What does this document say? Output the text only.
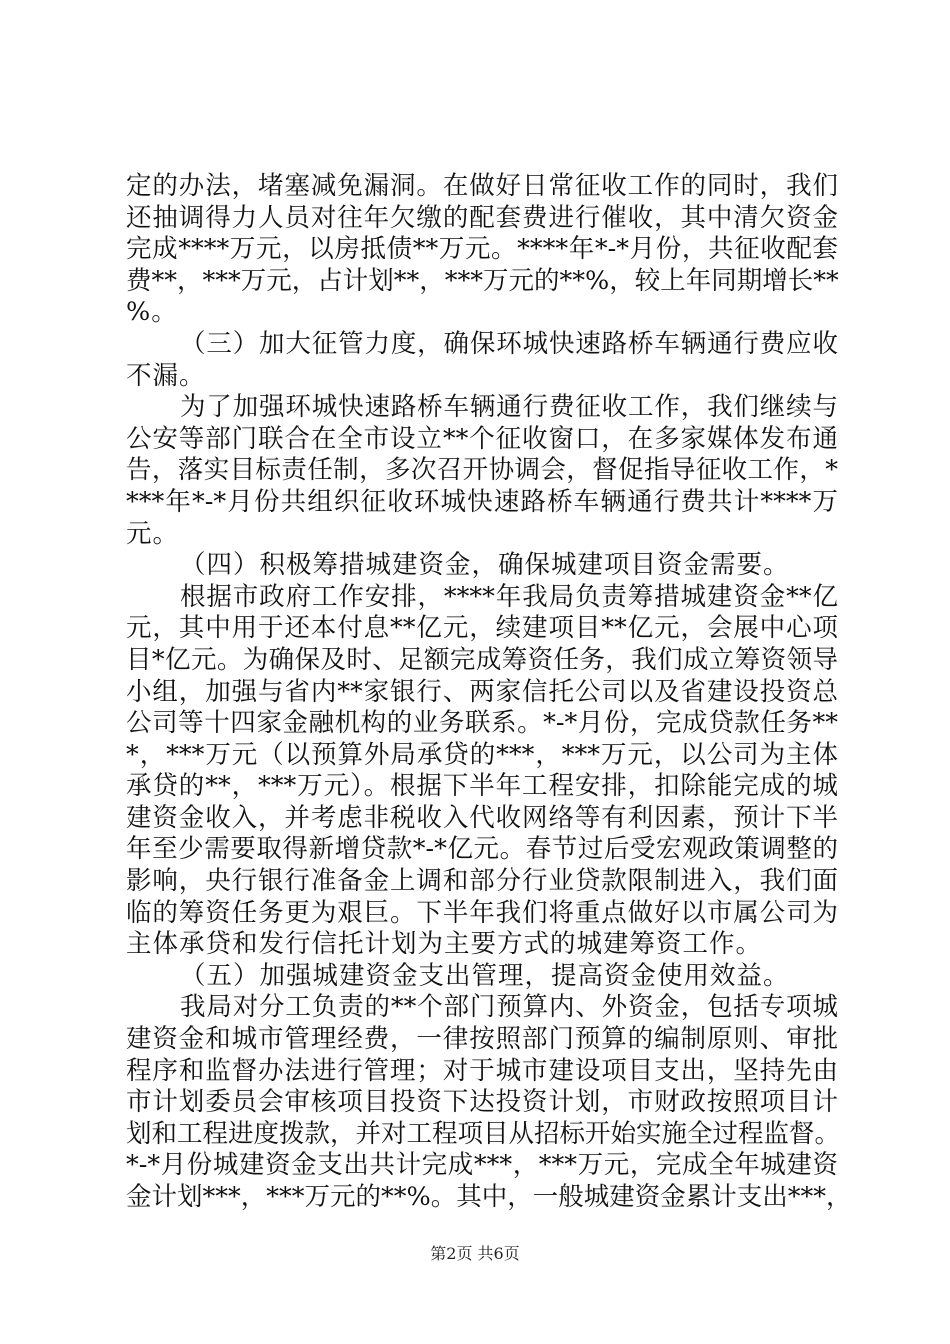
定的办法，堵塞减免漏洞。在做好日常征收工作的同时，我们
还抽调得力人员对往年欠缴的配套费进行催收，其中清欠资金
完成****万元，以房抵债**万元。****年*-*月份，共征收配套
费**，***万元，占计划**，***万元的**%，较上年同期增长**
%。
（三）加大征管力度，确保环城快速路桥车辆通行费应收
不漏。
为了加强环城快速路桥车辆通行费征收工作，我们继续与
公安等部门联合在全市设立**个征收窗口，在多家媒体发布通
告，落实目标责任制，多次召开协调会，督促指导征收工作，*
***年*-*月份共组织征收环城快速路桥车辆通行费共计****万
元。
（四）积极筹措城建资金，确保城建项目资金需要。
根据市政府工作安排，****年我局负责筹措城建资金**亿
元，其中用于还本付息**亿元，续建项目**亿元，会展中心项
目*亿元。为确保及时、足额完成筹资任务，我们成立筹资领导
小组，加强与省内**家银行、两家信托公司以及省建设投资总
公司等十四家金融机构的业务联系。*-*月份，完成贷款任务**
*，***万元（以预算外局承贷的***，***万元，以公司为主体
承贷的**，***万元）。根据下半年工程安排，扣除能完成的城
建资金收入，并考虑非税收入代收网络等有利因素，预计下半
年至少需要取得新增贷款*-*亿元。春节过后受宏观政策调整的
影响，央行银行准备金上调和部分行业贷款限制进入，我们面
临的筹资任务更为艰巨。下半年我们将重点做好以市属公司为
主体承贷和发行信托计划为主要方式的城建筹资工作。
（五）加强城建资金支出管理，提高资金使用效益。
我局对分工负责的**个部门预算内、外资金，包括专项城
建资金和城市管理经费，一律按照部门预算的编制原则、审批
程序和监督办法进行管理；对于城市建设项目支出，坚持先由
市计划委员会审核项目投资下达投资计划，市财政按照项目计
划和工程进度拨款，并对工程项目从招标开始实施全过程监督。
*-*月份城建资金支出共计完成***，***万元，完成全年城建资
金计划***，***万元的**%。其中，一般城建资金累计支出***，
第2页 共6页
